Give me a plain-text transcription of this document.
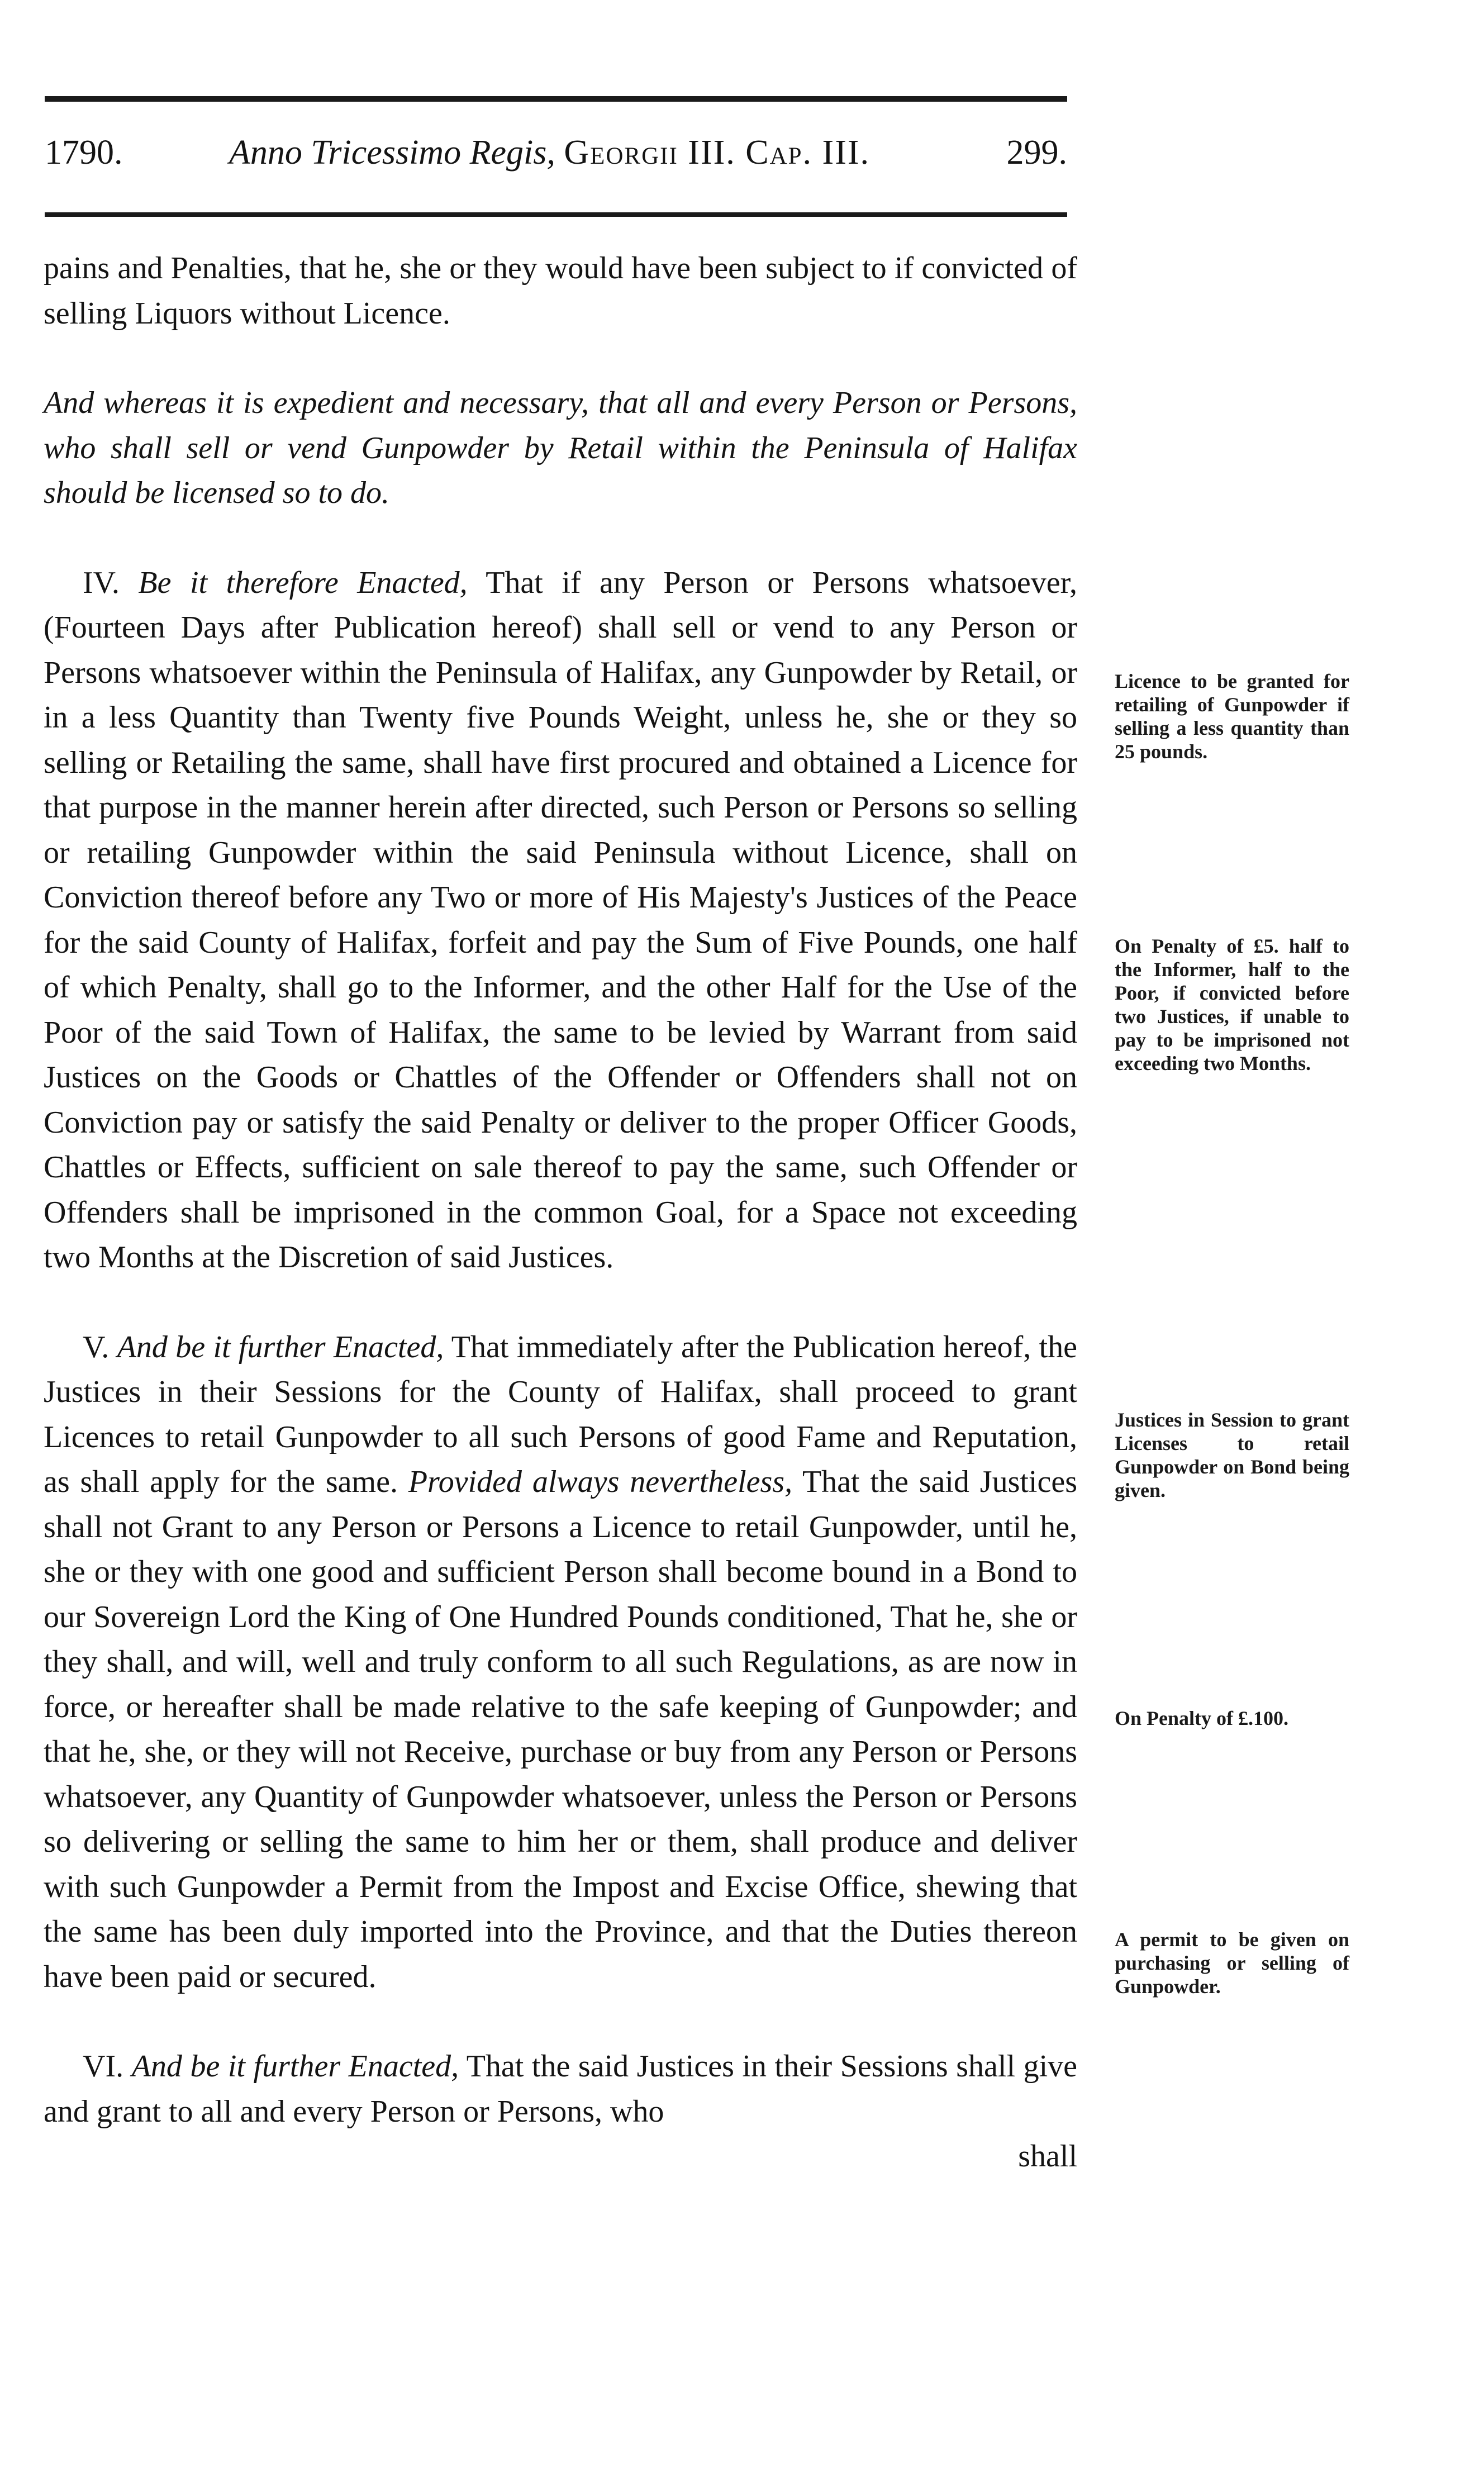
1790.	Anno Tricessimo Regis, Georgii III. Cap. III.	299.

pains and Penalties, that he, she or they would have been subject to if convicted of selling Liquors without Licence.

And whereas it is expedient and necessary, that all and every Person or Persons, who shall sell or vend Gunpowder by Retail within the Peninsula of Halifax should be licensed so to do.

IV. Be it therefore Enacted, That if any Person or Persons whatsoever, (Fourteen Days after Publication hereof) shall sell or vend to any Person or Persons whatsoever within the Peninsula of Halifax, any Gunpowder by Retail, or in a less Quantity than Twenty five Pounds Weight, unless he, she or they so selling or Retailing the same, shall have first procured and obtained a Licence for that purpose in the manner herein after directed, such Person or Persons so selling or retailing Gunpowder within the said Peninsula without Licence, shall on Conviction thereof before any Two or more of His Majesty's Justices of the Peace for the said County of Halifax, forfeit and pay the Sum of Five Pounds, one half of which Penalty, shall go to the Informer, and the other Half for the Use of the Poor of the said Town of Halifax, the same to be levied by Warrant from said Justices on the Goods or Chattles of the Offender or Offenders shall not on Conviction pay or satisfy the said Penalty or deliver to the proper Officer Goods, Chattles or Effects, sufficient on sale thereof to pay the same, such Offender or Offenders shall be imprisoned in the common Goal, for a Space not exceeding two Months at the Discretion of said Justices.

V. And be it further Enacted, That immediately after the Publication hereof, the Justices in their Sessions for the County of Halifax, shall proceed to grant Licences to retail Gunpowder to all such Persons of good Fame and Reputation, as shall apply for the same. Provided always nevertheless, That the said Justices shall not Grant to any Person or Persons a Licence to retail Gunpowder, until he, she or they with one good and sufficient Person shall become bound in a Bond to our Sovereign Lord the King of One Hundred Pounds conditioned, That he, she or they shall, and will, well and truly conform to all such Regulations, as are now in force, or hereafter shall be made relative to the safe keeping of Gunpowder; and that he, she, or they will not Receive, purchase or buy from any Person or Persons whatsoever, any Quantity of Gunpowder whatsoever, unless the Person or Persons so delivering or selling the same to him her or them, shall produce and deliver with such Gunpowder a Permit from the Impost and Excise Office, shewing that the same has been duly imported into the Province, and that the Duties thereon have been paid or secured.

VI. And be it further Enacted, That the said Justices in their Sessions shall give and grant to all and every Person or Persons, who

shall

Licence to be granted for retailing of Gunpowder if selling a less quantity than 25 pounds.
On Penalty of £5. half to the Informer, half to the Poor, if convicted before two Justices, if unable to pay to be imprisoned not exceeding two Months.
Justices in Session to grant Licenses to retail Gunpowder on Bond being given.
On Penalty of £.100.
A permit to be given on purchasing or selling of Gunpowder.
